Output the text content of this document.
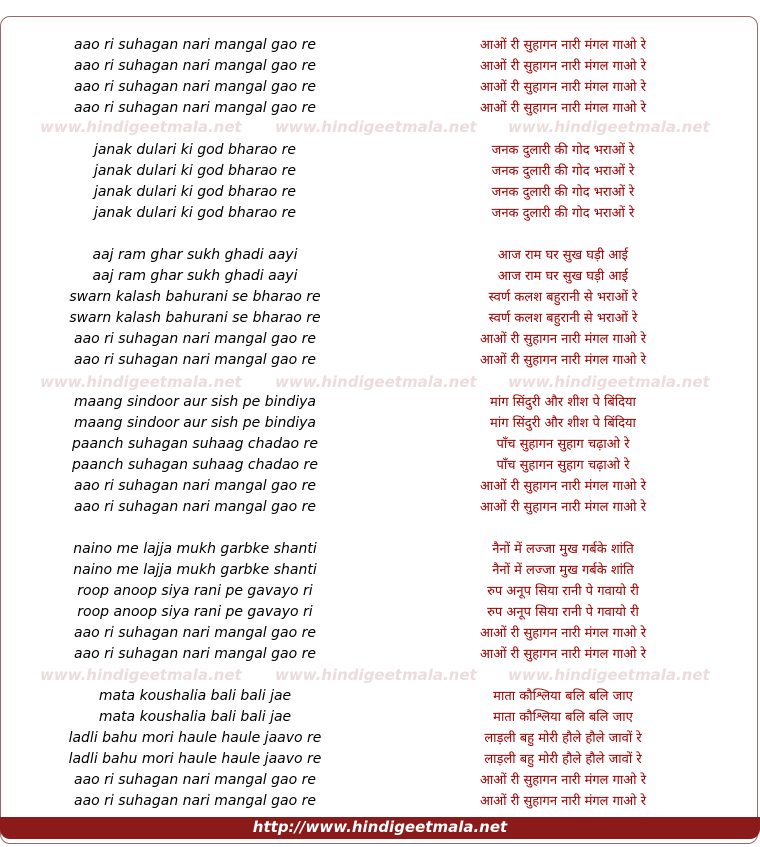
www.hindigeetmala.net www.hindigeetmala.net www.hindigeetmala.net
www.hindigeetmala.net www.hindigeetmala.net www.hindigeetmala.net
www.hindigeetmala.net www.hindigeetmala.net www.hindigeetmala.net
aao ri suhagan nari mangal gao re
aao ri suhagan nari mangal gao re
aao ri suhagan nari mangal gao re
aao ri suhagan nari mangal gao re
janak dulari ki god bharao re
janak dulari ki god bharao re
janak dulari ki god bharao re
janak dulari ki god bharao re
aaj ram ghar sukh ghadi aayi
aaj ram ghar sukh ghadi aayi
swarn kalash bahurani se bharao re
swarn kalash bahurani se bharao re
aao ri suhagan nari mangal gao re
aao ri suhagan nari mangal gao re
maang sindoor aur sish pe bindiya
maang sindoor aur sish pe bindiya
paanch suhagan suhaag chadao re
paanch suhagan suhaag chadao re
aao ri suhagan nari mangal gao re
aao ri suhagan nari mangal gao re
naino me lajja mukh garbke shanti
naino me lajja mukh garbke shanti
roop anoop siya rani pe gavayo ri
roop anoop siya rani pe gavayo ri
aao ri suhagan nari mangal gao re
aao ri suhagan nari mangal gao re
mata koushalia bali bali jae
mata koushalia bali bali jae
ladli bahu mori haule haule jaavo re
ladli bahu mori haule haule jaavo re
aao ri suhagan nari mangal gao re
aao ri suhagan nari mangal gao re
आओं री सुहागन नारी मंगल गाओ रे
आओं री सुहागन नारी मंगल गाओ रे
आओं री सुहागन नारी मंगल गाओ रे
आओं री सुहागन नारी मंगल गाओ रे
जनक दुलारी की गोद भराओं रे
जनक दुलारी की गोद भराओं रे
जनक दुलारी की गोद भराओं रे
जनक दुलारी की गोद भराओं रे
आज राम घर सुख घड़ी आई
आज राम घर सुख घड़ी आई
स्वर्ण कलश बहुरानी से भराओं रे
स्वर्ण कलश बहुरानी से भराओं रे
आओं री सुहागन नारी मंगल गाओ रे
आओं री सुहागन नारी मंगल गाओ रे
मांग सिंदुरी और शीश पे बिंदिया
मांग सिंदुरी और शीश पे बिंदिया
पाँच सुहागन सुहाग चढ़ाओ रे
पाँच सुहागन सुहाग चढ़ाओ रे
आओं री सुहागन नारी मंगल गाओ रे
आओं री सुहागन नारी मंगल गाओ रे
नैनों में लज्जा मुख गर्बके शांति
नैनों में लज्जा मुख गर्बके शांति
रुप अनूप सिया रानी पे गवायो री
रुप अनूप सिया रानी पे गवायो री
आओं री सुहागन नारी मंगल गाओ रे
आओं री सुहागन नारी मंगल गाओ रे
माता कौश्लिया बलि बलि जाए
माता कौश्लिया बलि बलि जाए
लाड़ली बहु मोरी हौले हौले जावों रे
लाड़ली बहु मोरी हौले हौले जावों रे
आओं री सुहागन नारी मंगल गाओ रे
आओं री सुहागन नारी मंगल गाओ रे
http://www.hindigeetmala.net
